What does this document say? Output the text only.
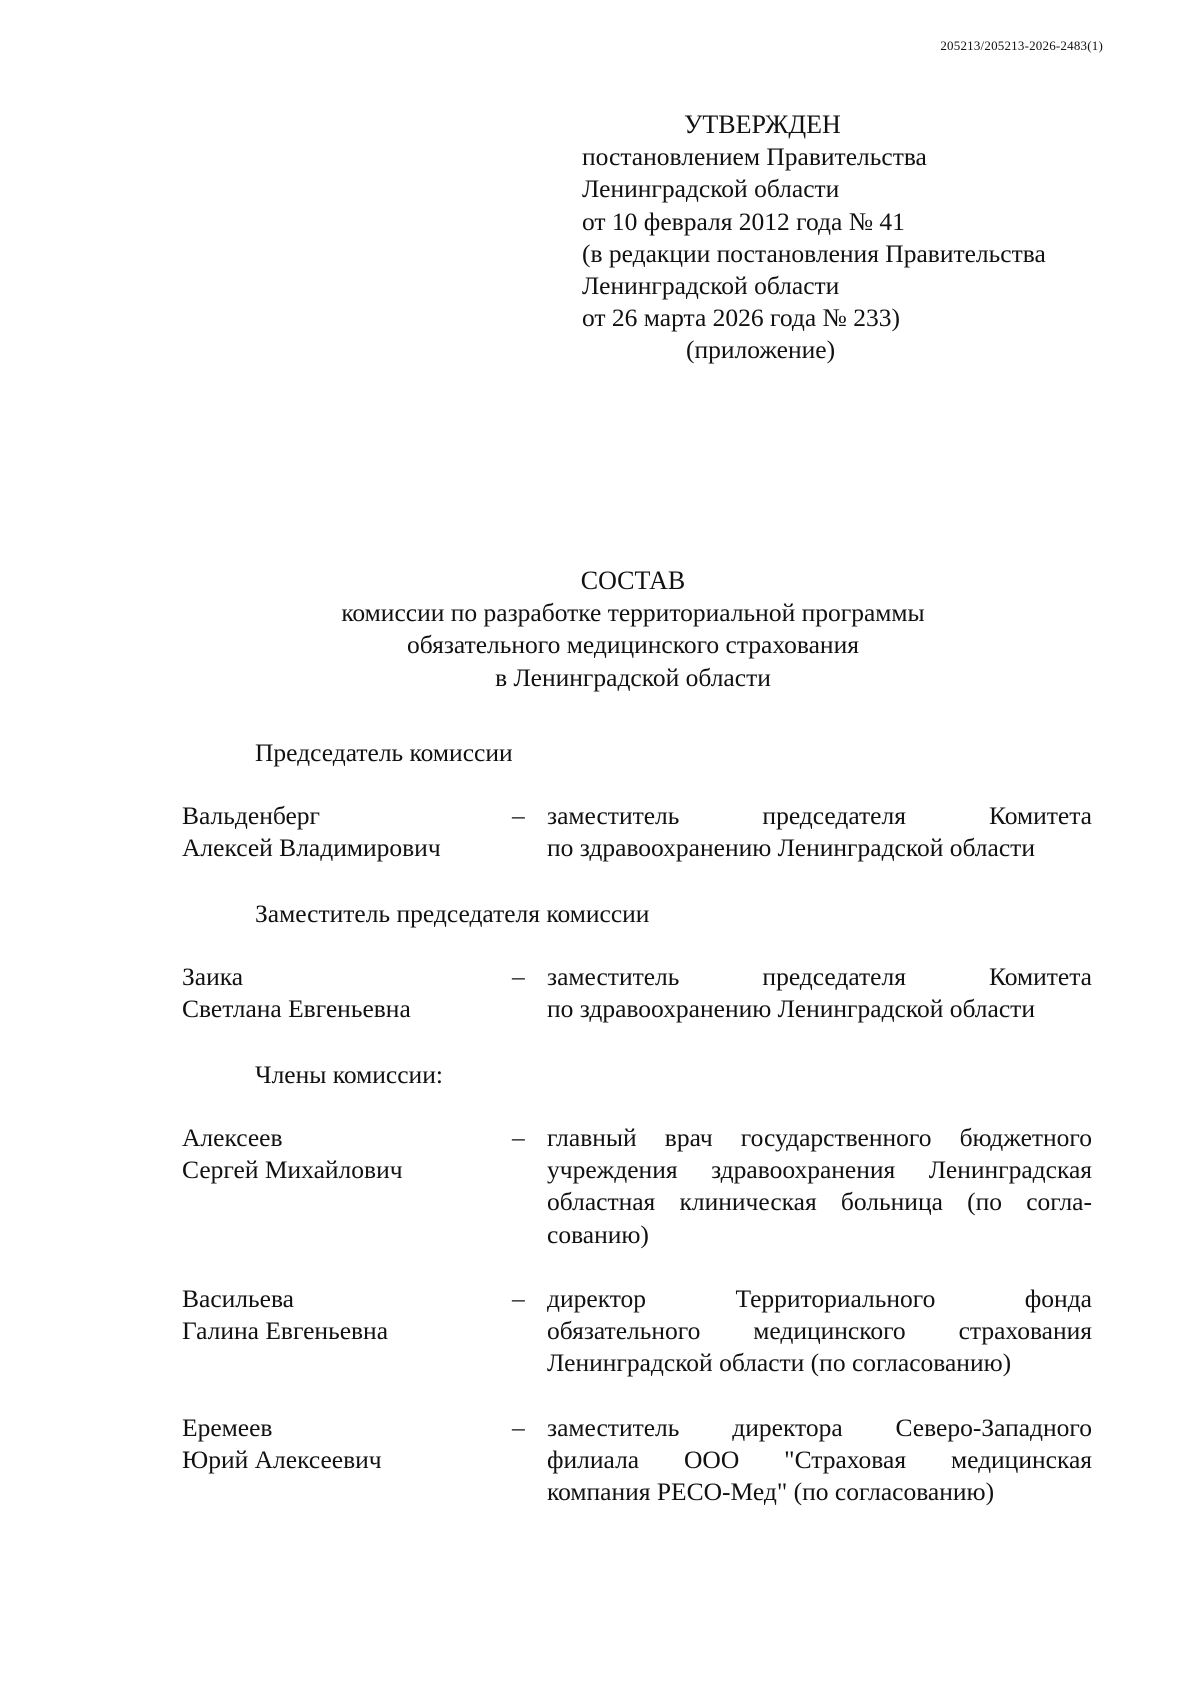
205213/205213-2026-2483(1)
УТВЕРЖДЕН
постановлением Правительства
Ленинградской области
от 10 февраля 2012 года № 41
(в редакции постановления Правительства
Ленинградской области
от 26 марта 2026 года № 233)
(приложение)
СОСТАВ
комиссии по разработке территориальной программы
обязательного медицинского страхования
в Ленинградской области
Председатель комиссии
Вальденберг
Алексей Владимирович
– заместитель председателя Комитета
по здравоохранению Ленинградской области
Заместитель председателя комиссии
Заика
Светлана Евгеньевна
– заместитель председателя Комитета
по здравоохранению Ленинградской области
Члены комиссии:
Алексеев
Сергей Михайлович
– главный врач государственного бюджетного
учреждения здравоохранения Ленинградская
областная клиническая больница (по согла-
сованию)
Васильева
Галина Евгеньевна
– директор Территориального фонда
обязательного медицинского страхования
Ленинградской области (по согласованию)
Еремеев
Юрий Алексеевич
– заместитель директора Северо-Западного
филиала ООО "Страховая медицинская
компания РЕСО-Мед" (по согласованию)
